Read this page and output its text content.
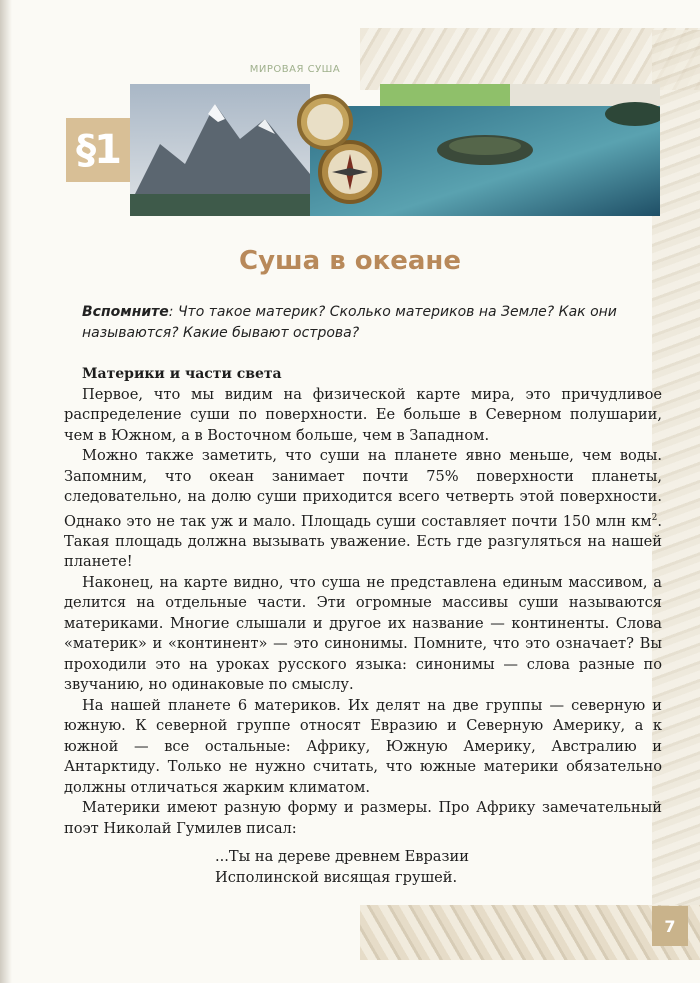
МИРОВАЯ СУША
§1
Суша в океане
Вспомните: Что такое материк? Сколько материков на Земле? Как они называются? Какие бывают острова?

Материки и части света

Первое, что мы видим на физической карте мира, это причудливое распределение суши по поверхности. Ее больше в Северном полушарии, чем в Южном, а в Восточном больше, чем в Западном.

Можно также заметить, что суши на планете явно меньше, чем воды. Запомним, что океан занимает почти 75% поверхности планеты, следовательно, на долю суши приходится всего четверть этой поверхности. Однако это не так уж и мало. Площадь суши составляет почти 150 млн $км^2$. Такая площадь должна вызывать уважение. Есть где разгуляться на нашей планете!

Наконец, на карте видно, что суша не представлена единым массивом, а делится на отдельные части. Эти огромные массивы суши называются материками. Многие слышали и другое их название — континенты. Слова «материк» и «континент» — это синонимы. Помните, что это означает? Вы проходили это на уроках русского языка: синонимы — слова разные по звучанию, но одинаковые по смыслу.

На нашей планете 6 материков. Их делят на две группы — северную и южную. К северной группе относят Евразию и Северную Америку, а к южной — все остальные: Африку, Южную Америку, Австралию и Антарктиду. Только не нужно считать, что южные материки обязательно должны отличаться жарким климатом.

Материки имеют разную форму и размеры. Про Африку замечательный поэт Николай Гумилев писал:

...Ты на дереве древнем Евразии
Исполинской висящая грушей.
7
